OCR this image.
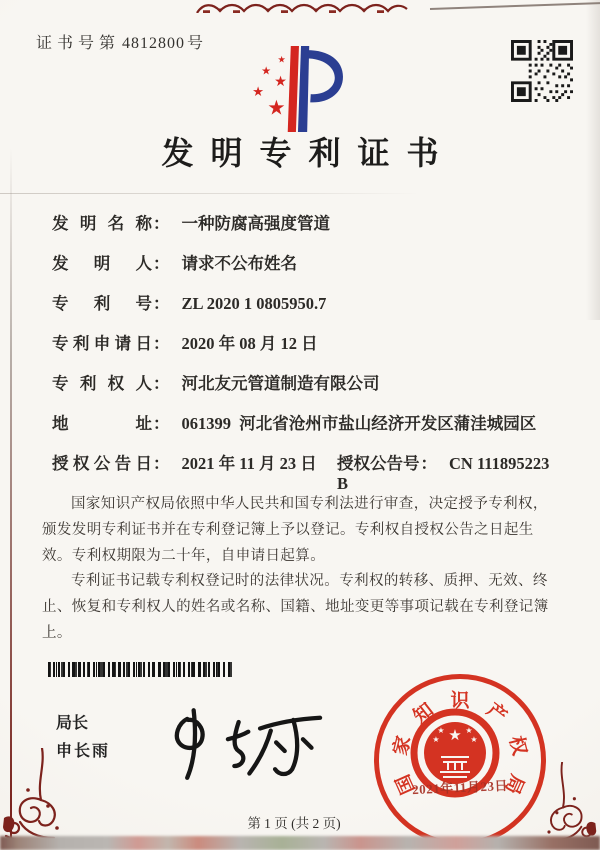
证书号第 4812800 号
★
★
★
★
★
发明专利证书
发明名称： 一种防腐高强度管道
发明人： 请求不公布姓名
专利号： ZL 2020 1 0805950.7
专利申请日： 2020 年 08 月 12 日
专利权人： 河北友元管道制造有限公司
地址： 061399  河北省沧州市盐山经济开发区蒲洼城园区
授权公告日： 2021 年 11 月 23 日 授权公告号： CN 111895223 B

国家知识产权局依照中华人民共和国专利法进行审查，决定授予专利权，颁发发明专利证书并在专利登记簿上予以登记。专利权自授权公告之日起生效。专利权期限为二十年，自申请日起算。

专利证书记载专利权登记时的法律状况。专利权的转移、质押、无效、终止、恢复和专利权人的姓名或名称、国籍、地址变更等事项记载在专利登记簿上。

局长
申长雨
国
家
知 识 产
权
局
★
★	★
★	★
2021年11月23日
第 1 页 (共 2 页)
